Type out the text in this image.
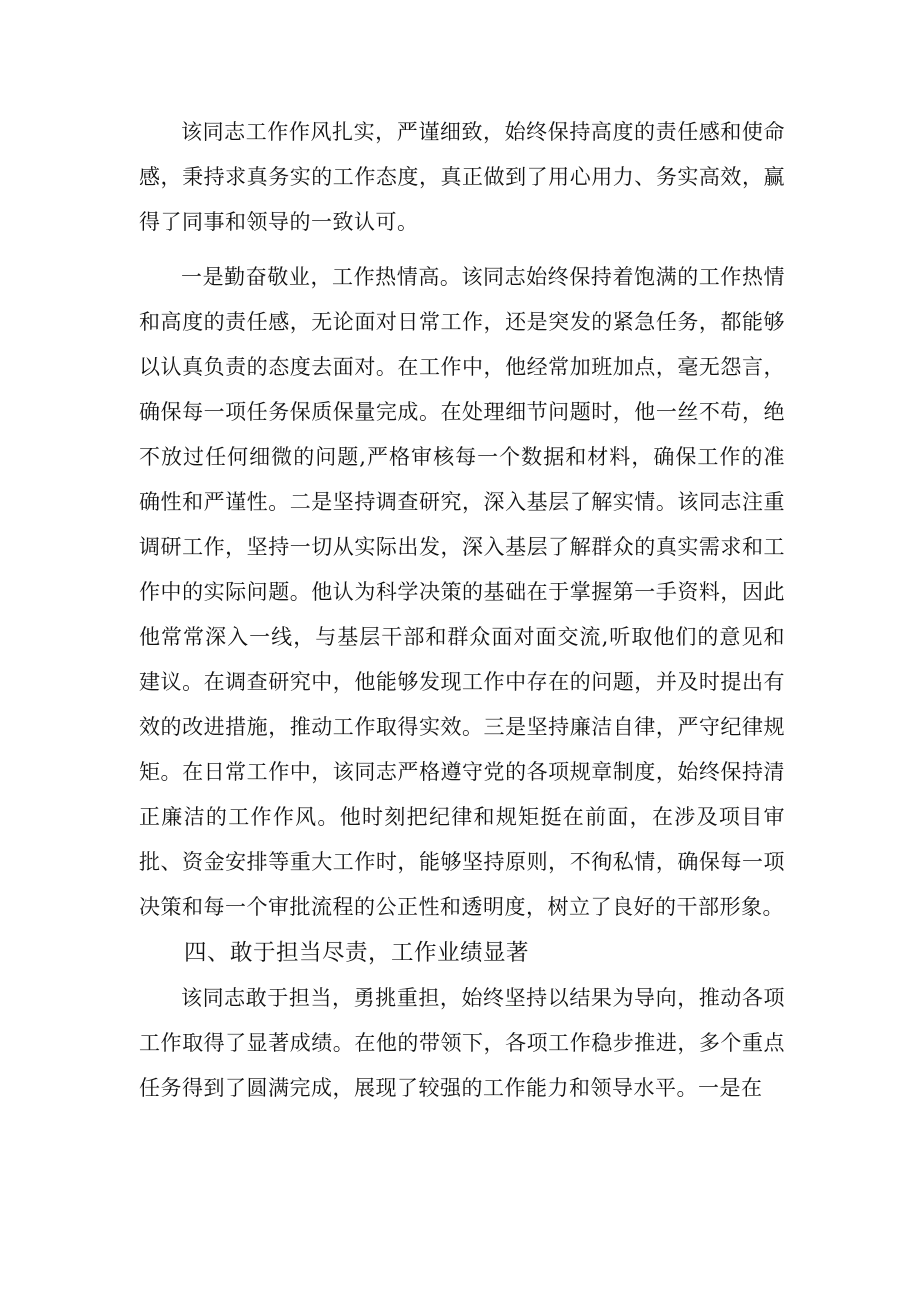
该同志工作作风扎实，严谨细致，始终保持高度的责任感和使命感，秉持求真务实的工作态度，真正做到了用心用力、务实高效，赢得了同事和领导的一致认可。

一是勤奋敬业，工作热情高。该同志始终保持着饱满的工作热情和高度的责任感，无论面对日常工作，还是突发的紧急任务，都能够以认真负责的态度去面对。在工作中，他经常加班加点，毫无怨言，确保每一项任务保质保量完成。在处理细节问题时，他一丝不苟，绝不放过任何细微的问题,严格审核每一个数据和材料，确保工作的准确性和严谨性。二是坚持调查研究，深入基层了解实情。该同志注重调研工作，坚持一切从实际出发，深入基层了解群众的真实需求和工作中的实际问题。他认为科学决策的基础在于掌握第一手资料，因此他常常深入一线，与基层干部和群众面对面交流,听取他们的意见和建议。在调查研究中，他能够发现工作中存在的问题，并及时提出有效的改进措施，推动工作取得实效。三是坚持廉洁自律，严守纪律规矩。在日常工作中，该同志严格遵守党的各项规章制度，始终保持清正廉洁的工作作风。他时刻把纪律和规矩挺在前面，在涉及项目审批、资金安排等重大工作时，能够坚持原则，不徇私情，确保每一项决策和每一个审批流程的公正性和透明度，树立了良好的干部形象。

四、敢于担当尽责，工作业绩显著

该同志敢于担当，勇挑重担，始终坚持以结果为导向，推动各项工作取得了显著成绩。在他的带领下，各项工作稳步推进，多个重点任务得到了圆满完成，展现了较强的工作能力和领导水平。一是在
